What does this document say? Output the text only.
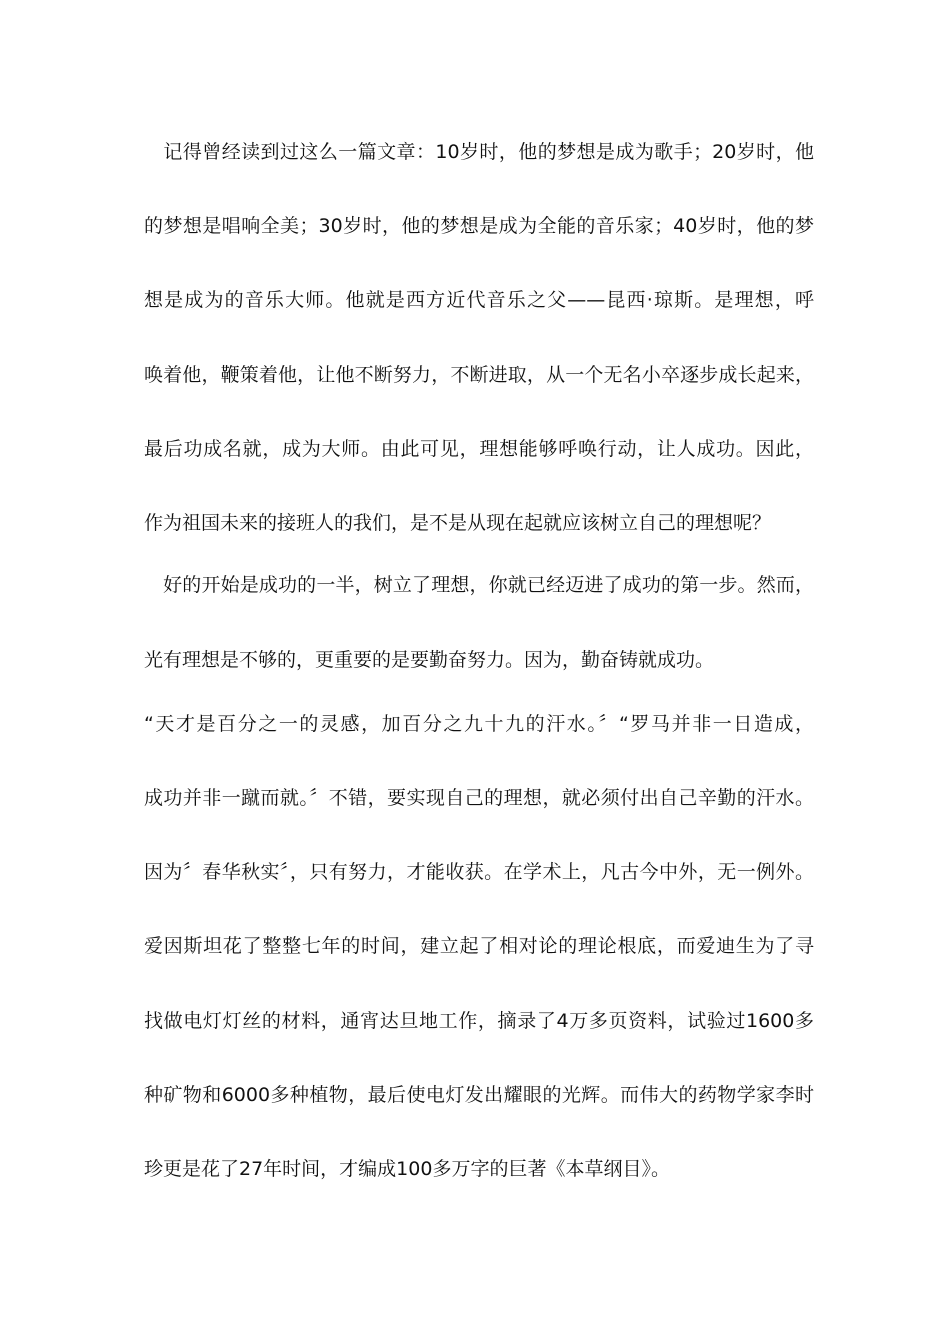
　记得曾经读到过这么一篇文章：10岁时，他的梦想是成为歌手；20岁时，他
的梦想是唱响全美；30岁时，他的梦想是成为全能的音乐家；40岁时，他的梦
想是成为的音乐大师。他就是西方近代音乐之父——昆西·琼斯。是理想，呼
唤着他，鞭策着他，让他不断努力，不断进取，从一个无名小卒逐步成长起来，
最后功成名就，成为大师。由此可见，理想能够呼唤行动，让人成功。因此，
作为祖国未来的接班人的我们，是不是从现在起就应该树立自己的理想呢？
　好的开始是成功的一半，树立了理想，你就已经迈进了成功的第一步。然而，
光有理想是不够的，更重要的是要勤奋努力。因为，勤奋铸就成功。
“天才是百分之一的灵感，加百分之九十九的汗水。〞“罗马并非一日造成，
成功并非一蹴而就。〞不错，要实现自己的理想，就必须付出自己辛勤的汗水。
因为〞春华秋实〞，只有努力，才能收获。在学术上，凡古今中外，无一例外。
爱因斯坦花了整整七年的时间，建立起了相对论的理论根底，而爱迪生为了寻
找做电灯灯丝的材料，通宵达旦地工作，摘录了4万多页资料，试验过1600多
种矿物和6000多种植物，最后使电灯发出耀眼的光辉。而伟大的药物学家李时
珍更是花了27年时间，才编成100多万字的巨著《本草纲目》。
